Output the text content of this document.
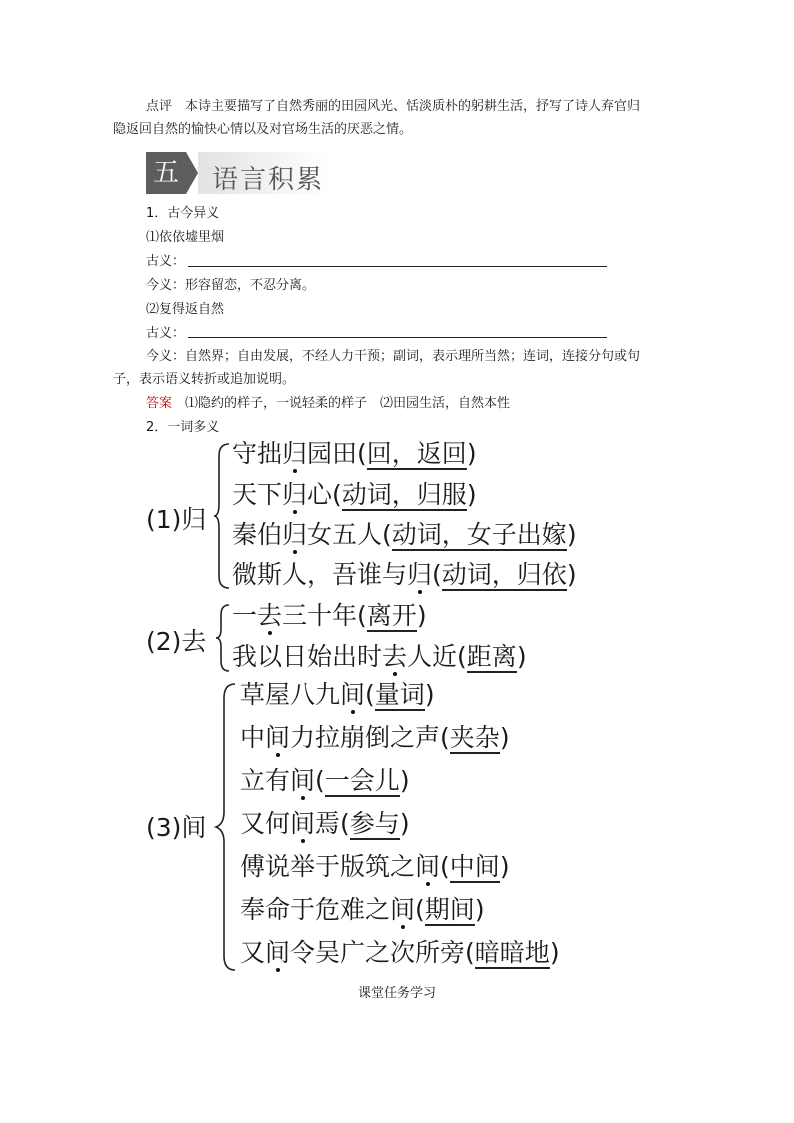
点评　 本诗主要描写了自然秀丽的田园风光、恬淡质朴的躬耕生活，抒写了诗人弃官归
隐返回自然的愉快心情以及对官场生活的厌恶之情。
五 语言积累
1．古今异义
⑴依依墟里烟
古义：
今义：形容留恋，不忍分离。
⑵复得返自然
古义：
今义：自然界；自由发展，不经人力干预；副词，表示理所当然；连词，连接分句或句
子，表示语义转折或追加说明。
答案　 ⑴隐约的样子，一说轻柔的样子　⑵田园生活，自然本性
2．一词多义
(1)归
守拙归园田(回，返回)
天下归心(动词，归服)
秦伯归女五人(动词，女子出嫁)
微斯人，吾谁与归(动词，归依)
(2)去
一去三十年(离开)
我以日始出时去人近(距离)
(3)间
草屋八九间(量词)
中间力拉崩倒之声(夹杂)
立有间(一会儿)
又何间焉(参与)
傅说举于版筑之间(中间)
奉命于危难之间(期间)
又间令吴广之次所旁(暗暗地)
课堂任务学习
